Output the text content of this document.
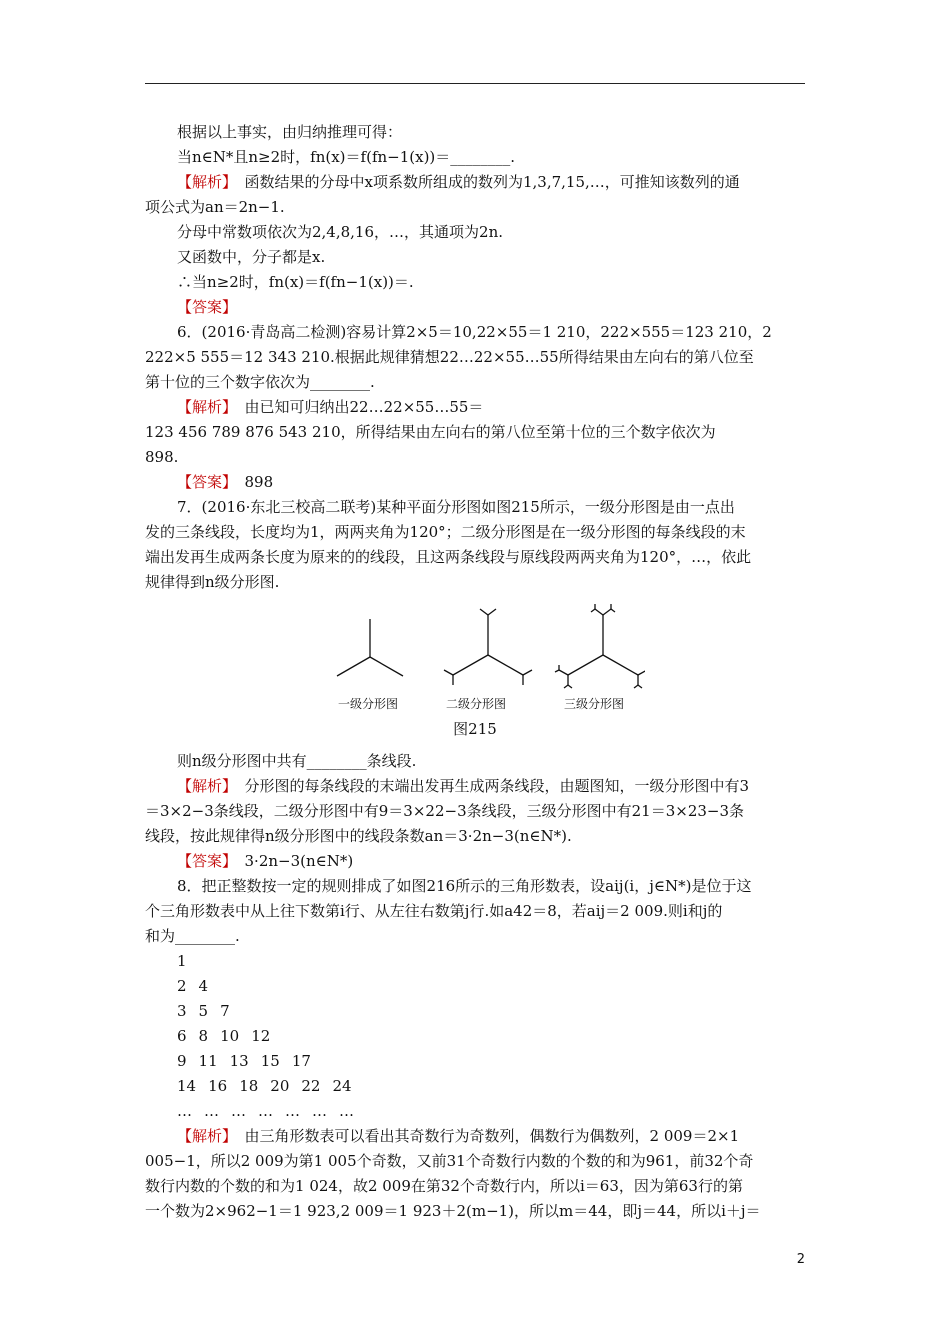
根据以上事实，由归纳推理可得：

当n∈N*且n≥2时，fn(x)＝f(fn−1(x))＝________.

【解析】　函数结果的分母中x项系数所组成的数列为1,3,7,15,…，可推知该数列的通

项公式为an＝2n−1.

分母中常数项依次为2,4,8,16，…，其通项为2n.

又函数中，分子都是x.

∴当n≥2时，fn(x)＝f(fn−1(x))＝.

【答案】

6．(2016·青岛高二检测)容易计算2×5＝10,22×55＝1 210，222×555＝123 210，2

222×5 555＝12 343 210.根据此规律猜想22…22×55…55所得结果由左向右的第八位至

第十位的三个数字依次为________.

【解析】　由已知可归纳出22…22×55…55＝

123 456 789 876 543 210，所得结果由左向右的第八位至第十位的三个数字依次为

898.

【答案】　898

7．(2016·东北三校高二联考)某种平面分形图如图215所示，一级分形图是由一点出

发的三条线段，长度均为1，两两夹角为120°；二级分形图是在一级分形图的每条线段的末

端出发再生成两条长度为原来的的线段，且这两条线段与原线段两两夹角为120°，…，依此

规律得到n级分形图.

一级分形图	二级分形图	三级分形图

图215

则n级分形图中共有________条线段.

【解析】　分形图的每条线段的末端出发再生成两条线段，由题图知，一级分形图中有3

＝3×2−3条线段，二级分形图中有9＝3×22−3条线段，三级分形图中有21＝3×23−3条

线段，按此规律得n级分形图中的线段条数an＝3·2n−3(n∈N*).

【答案】　3·2n−3(n∈N*)

8．把正整数按一定的规则排成了如图216所示的三角形数表，设aij(i，j∈N*)是位于这

个三角形数表中从上往下数第i行、从左往右数第j行.如a42＝8，若aij＝2 009.则i和j的

和为________.

1

2 4

3 5 7

6 8 10 12

9 11 13 15 17

14 16 18 20 22 24

… … … … … … …

【解析】　由三角形数表可以看出其奇数行为奇数列，偶数行为偶数列，2 009＝2×1

005−1，所以2 009为第1 005个奇数，又前31个奇数行内数的个数的和为961，前32个奇

数行内数的个数的和为1 024，故2 009在第32个奇数行内，所以i＝63，因为第63行的第

一个数为2×962−1＝1 923,2 009＝1 923＋2(m−1)，所以m＝44，即j＝44，所以i＋j＝

2
